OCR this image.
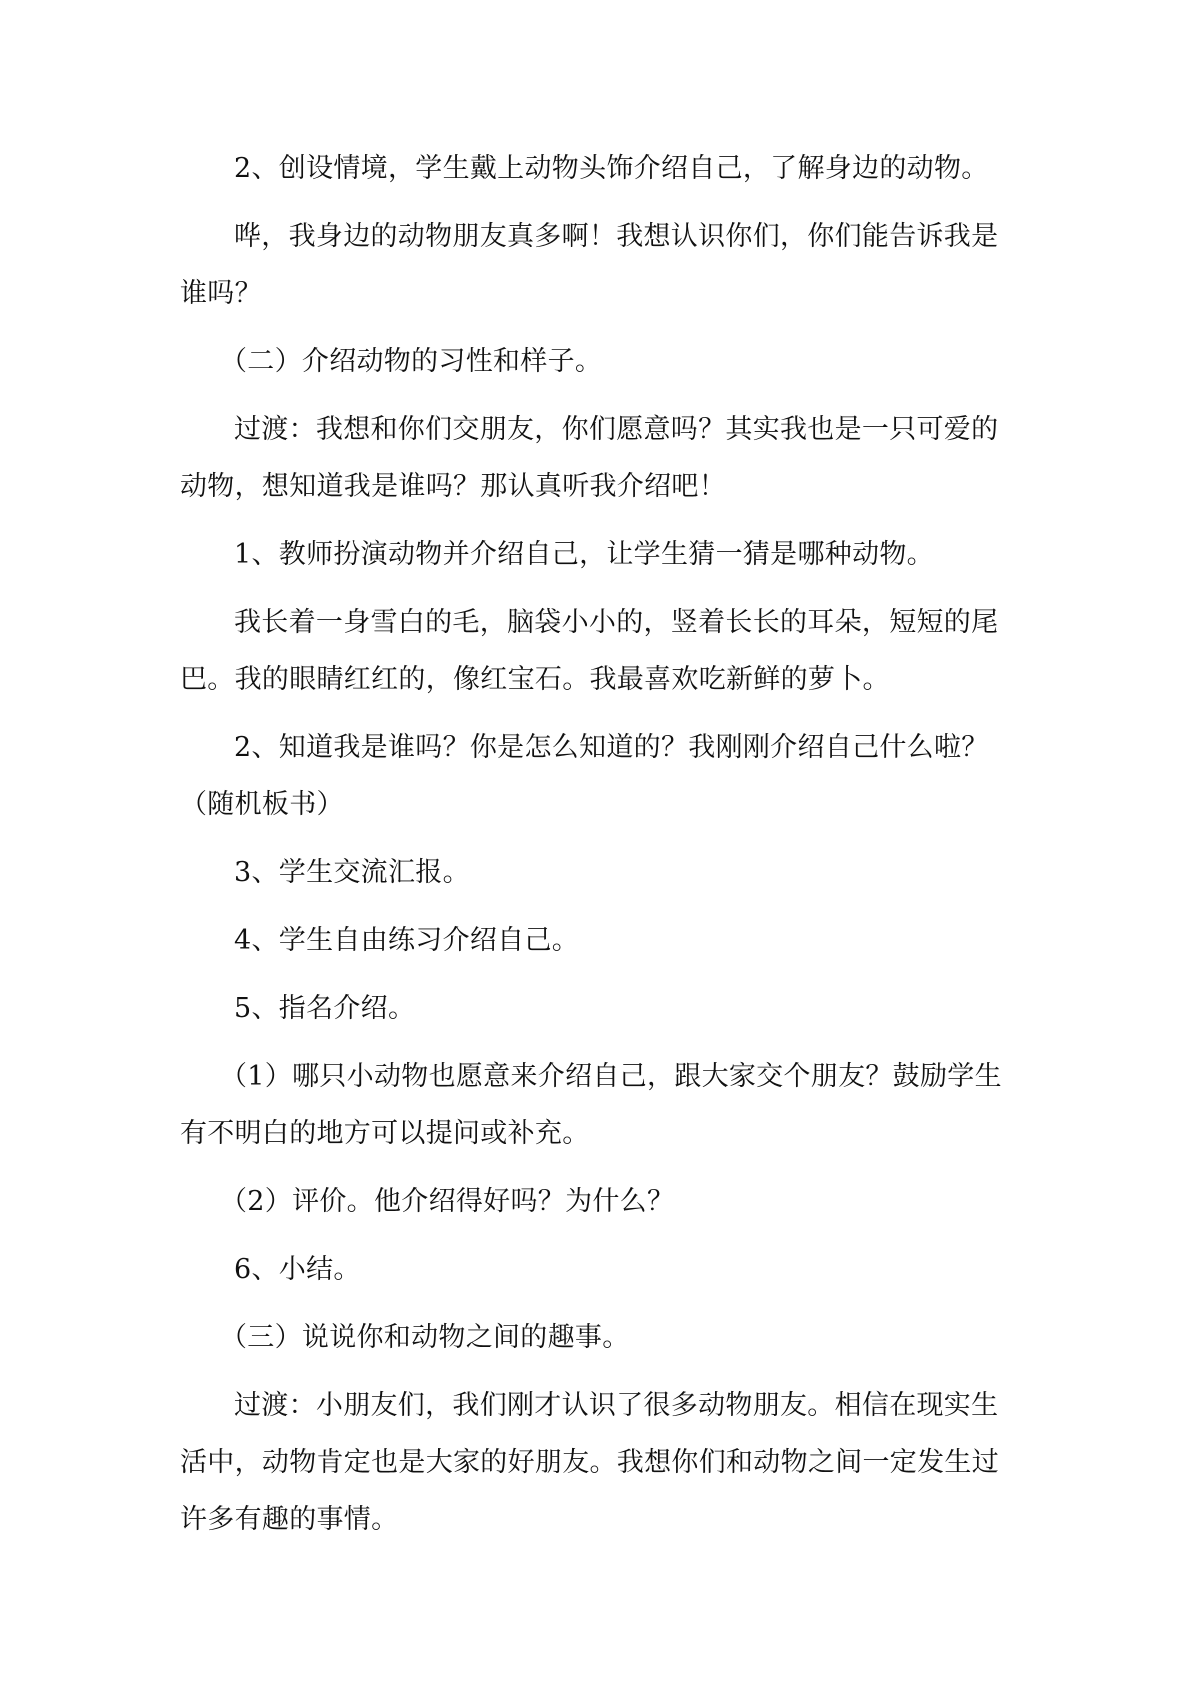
2、创设情境，学生戴上动物头饰介绍自己，了解身边的动物。

哗，我身边的动物朋友真多啊！我想认识你们，你们能告诉我是谁吗？

（二）介绍动物的习性和样子。

过渡：我想和你们交朋友，你们愿意吗？其实我也是一只可爱的动物，想知道我是谁吗？那认真听我介绍吧！

1、教师扮演动物并介绍自己，让学生猜一猜是哪种动物。

我长着一身雪白的毛，脑袋小小的，竖着长长的耳朵，短短的尾巴。我的眼睛红红的，像红宝石。我最喜欢吃新鲜的萝卜。

2、知道我是谁吗？你是怎么知道的？我刚刚介绍自己什么啦？（随机板书）

3、学生交流汇报。

4、学生自由练习介绍自己。

5、指名介绍。

（1）哪只小动物也愿意来介绍自己，跟大家交个朋友？鼓励学生有不明白的地方可以提问或补充。

（2）评价。他介绍得好吗？为什么？

6、小结。

（三）说说你和动物之间的趣事。

过渡：小朋友们，我们刚才认识了很多动物朋友。相信在现实生活中，动物肯定也是大家的好朋友。我想你们和动物之间一定发生过许多有趣的事情。
